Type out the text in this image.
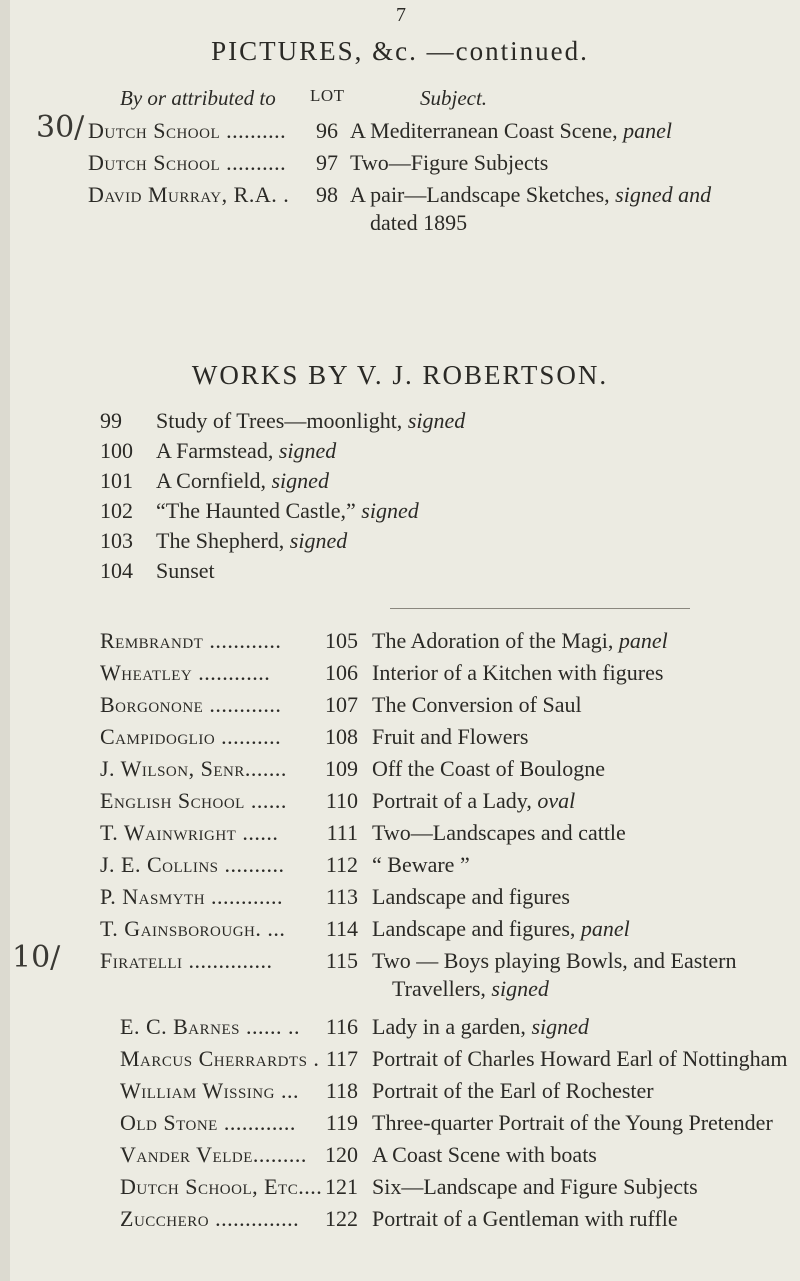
7
PICTURES, &c. —continued.
By or attributed to LOT	Subject.
30/
10/
Dutch School ..........	96 A Mediterranean Coast Scene, panel
Dutch School ..........	97 Two—Figure Subjects
David Murray, R.A. .	98 A pair—Landscape Sketches, signed and
dated 1895
WORKS BY V. J. ROBERTSON.
99 Study of Trees—moonlight, signed
100 A Farmstead, signed
101 A Cornfield, signed
102 “The Haunted Castle,” signed
103 The Shepherd, signed
104 Sunset
Rembrandt ............	105 The Adoration of the Magi, panel
Wheatley ............	106 Interior of a Kitchen with figures
Borgonone ............	107 The Conversion of Saul
Campidoglio ..........	108 Fruit and Flowers
J. Wilson, Senr.......	109 Off the Coast of Boulogne
English School ......	110 Portrait of a Lady, oval
T. Wainwright ......	111 Two—Landscapes and cattle
J. E. Collins ..........	112 “ Beware ”
P. Nasmyth ............	113 Landscape and figures
T. Gainsborough. ...	114 Landscape and figures, panel
Firatelli ..............	115 Two — Boys playing Bowls, and Eastern
Travellers, signed
E. C. Barnes ...... ..	116 Lady in a garden, signed
Marcus Cherrardts . 117 Portrait of Charles Howard Earl of Nottingham
William Wissing ...	118 Portrait of the Earl of Rochester
Old Stone ............	119 Three-quarter Portrait of the Young Pretender
Vander Velde......... 120 A Coast Scene with boats
Dutch School, Etc.... 121 Six—Landscape and Figure Subjects
Zucchero ..............	122 Portrait of a Gentleman with ruffle
